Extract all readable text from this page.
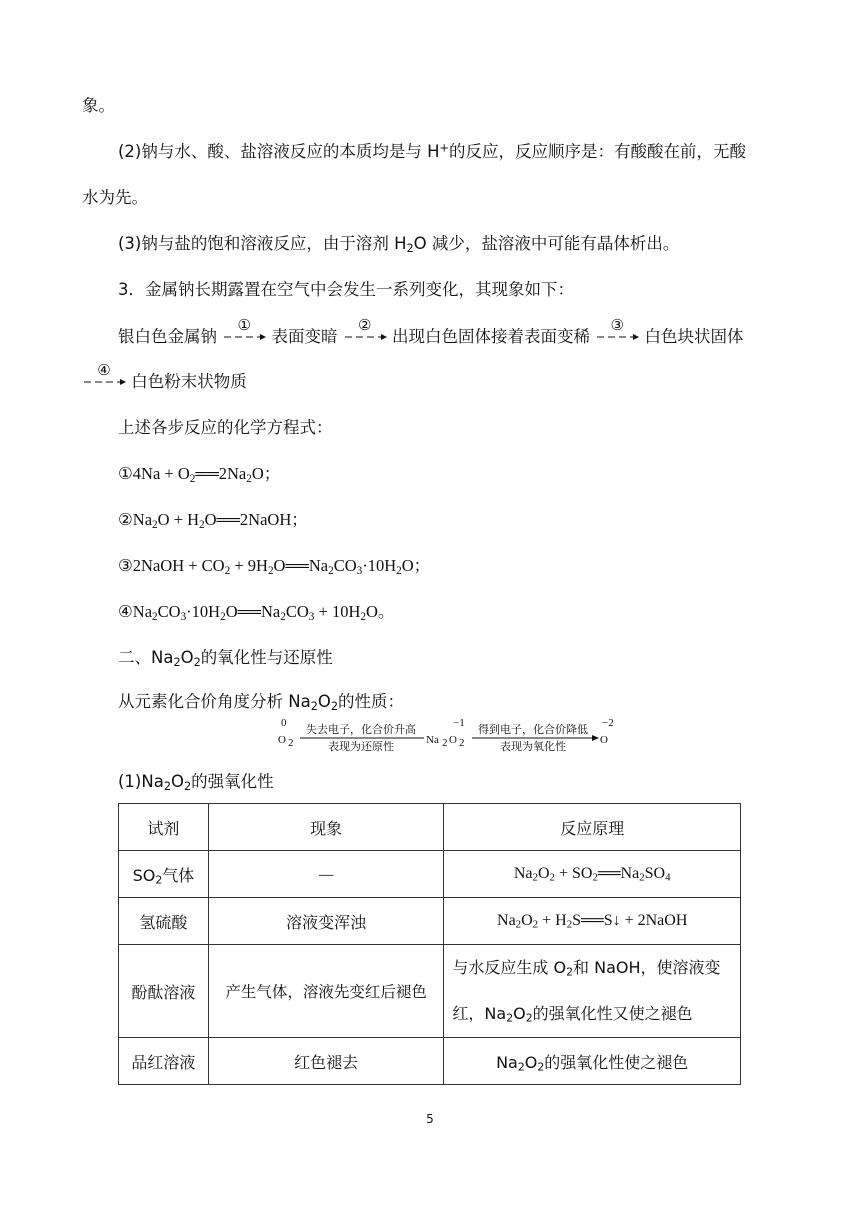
象。
(2)钠与水、酸、盐溶液反应的本质均是与 H+的反应，反应顺序是：有酸酸在前，无酸
水为先。
(3)钠与盐的饱和溶液反应，由于溶剂 $H_2O$ 减少，盐溶液中可能有晶体析出。
3．金属钠长期露置在空气中会发生一系列变化，其现象如下：
银白色金属钠
①
表面变暗
②
出现白色固体接着表面变稀
③
白色块状固体
④
白色粉末状物质
上述各步反应的化学方程式：
①4Na + $O_2══2Na_2O$；
$②Na_2O$ + $H_2O══2NaOH$；
③2NaOH + $CO_2$ + $9H_2O══Na_2CO_3\cdot 10H_2O$；
$④Na_2CO_3\cdot 10H_2O══Na_2CO_3 + 10H_2O$。
二、$Na_2O_2$的氧化性与还原性
从元素化合价角度分析 $Na_2O_2$的性质：
0
O 2
失去电子，化合价升高
表现为还原性
Na 2
−1
O 2
得到电子，化合价降低
表现为氧化性
−2
O
$(1)Na_2O_2$的强氧化性
试剂	现象	反应原理
$SO_2$气体	—	$Na_2O_2$ + $SO_2══Na_2SO_4$
氢硫酸	溶液变浑浊	$Na_2O_2$ + $H_2S══S↓$ + 2NaOH
酚酞溶液	产生气体，溶液先变红后褪色	与水反应生成 $O_2$和 NaOH，使溶液变
红，$Na_2O_2$的强氧化性又使之褪色

品红溶液	红色褪去	$Na_2O_2$的强氧化性使之褪色
5
